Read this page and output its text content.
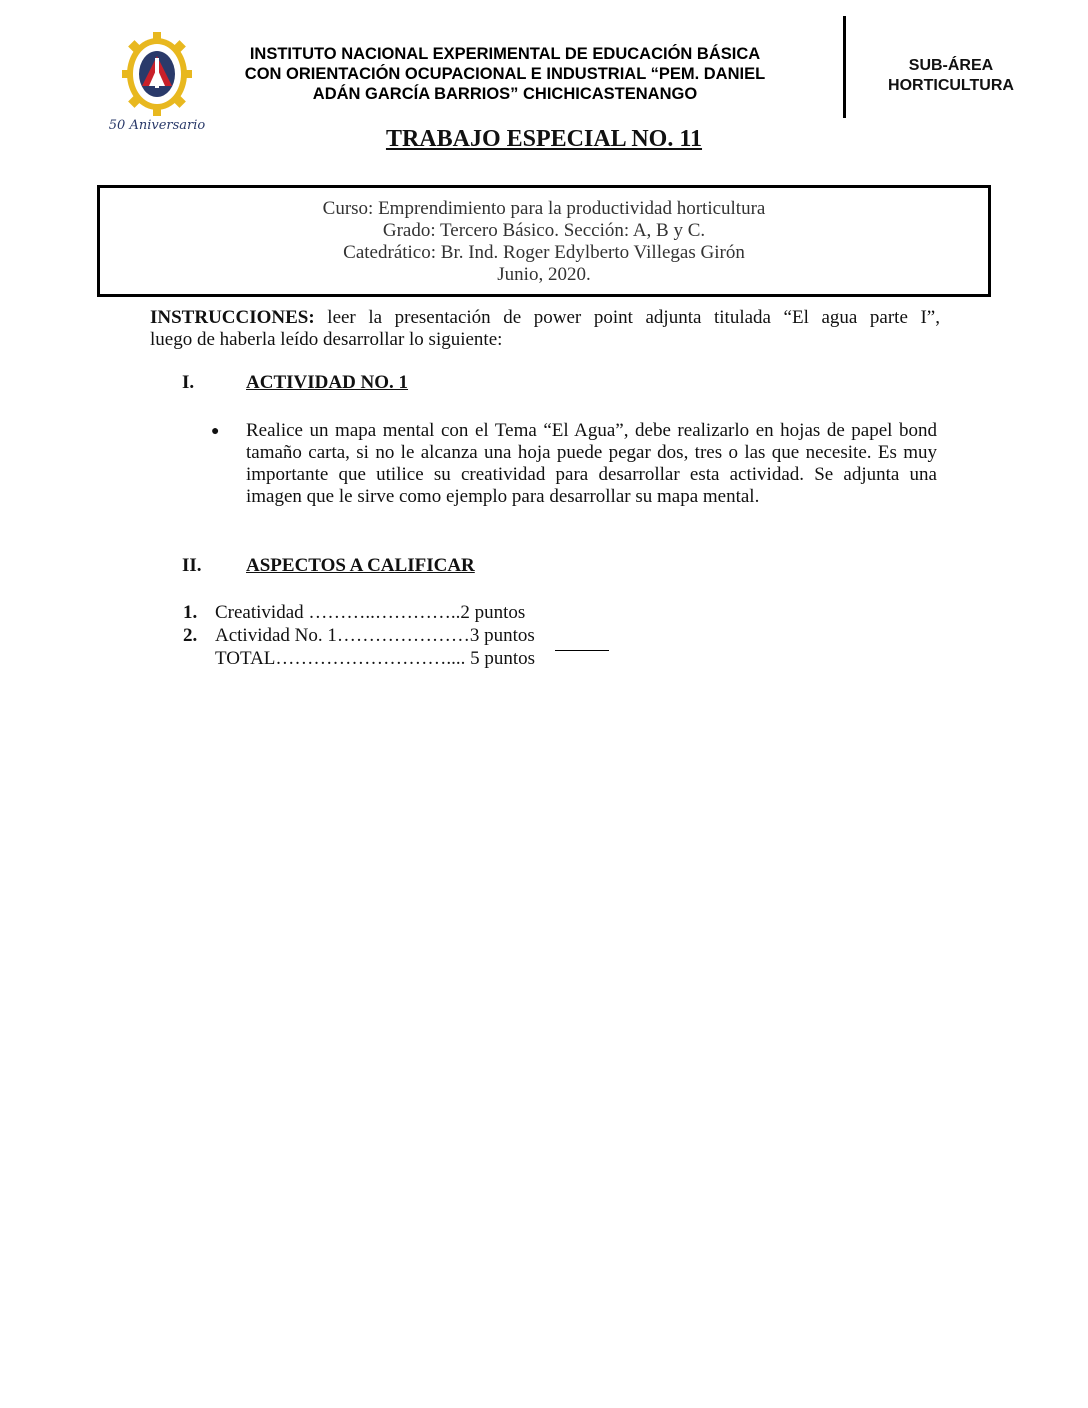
50 Aniversario
INSTITUTO NACIONAL EXPERIMENTAL DE EDUCACIÓN BÁSICA
CON ORIENTACIÓN OCUPACIONAL E INDUSTRIAL “PEM. DANIEL
ADÁN GARCÍA BARRIOS” CHICHICASTENANGO
SUB-ÁREA
HORTICULTURA
TRABAJO ESPECIAL NO. 11
Curso: Emprendimiento para la productividad horticultura
Grado: Tercero Básico. Sección: A, B y C.
Catedrático: Br. Ind. Roger Edylberto Villegas Girón
Junio, 2020.
INSTRUCCIONES: leer la presentación de power point adjunta titulada “El agua parte I”,
luego de haberla leído desarrollar lo siguiente:
I.	ACTIVIDAD NO. 1
● Realice un mapa mental con el Tema “El Agua”, debe realizarlo en hojas de papel bond tamaño carta, si no le alcanza una hoja puede pegar dos, tres o las que necesite. Es muy importante que utilice su creatividad para desarrollar esta actividad. Se adjunta una imagen que le sirve como ejemplo para desarrollar su mapa mental.
II. ASPECTOS A CALIFICAR
1. Creatividad ………..…………..2 puntos
2. Actividad No. 1…………………3 puntos
TOTAL……………………….... 5 puntos
